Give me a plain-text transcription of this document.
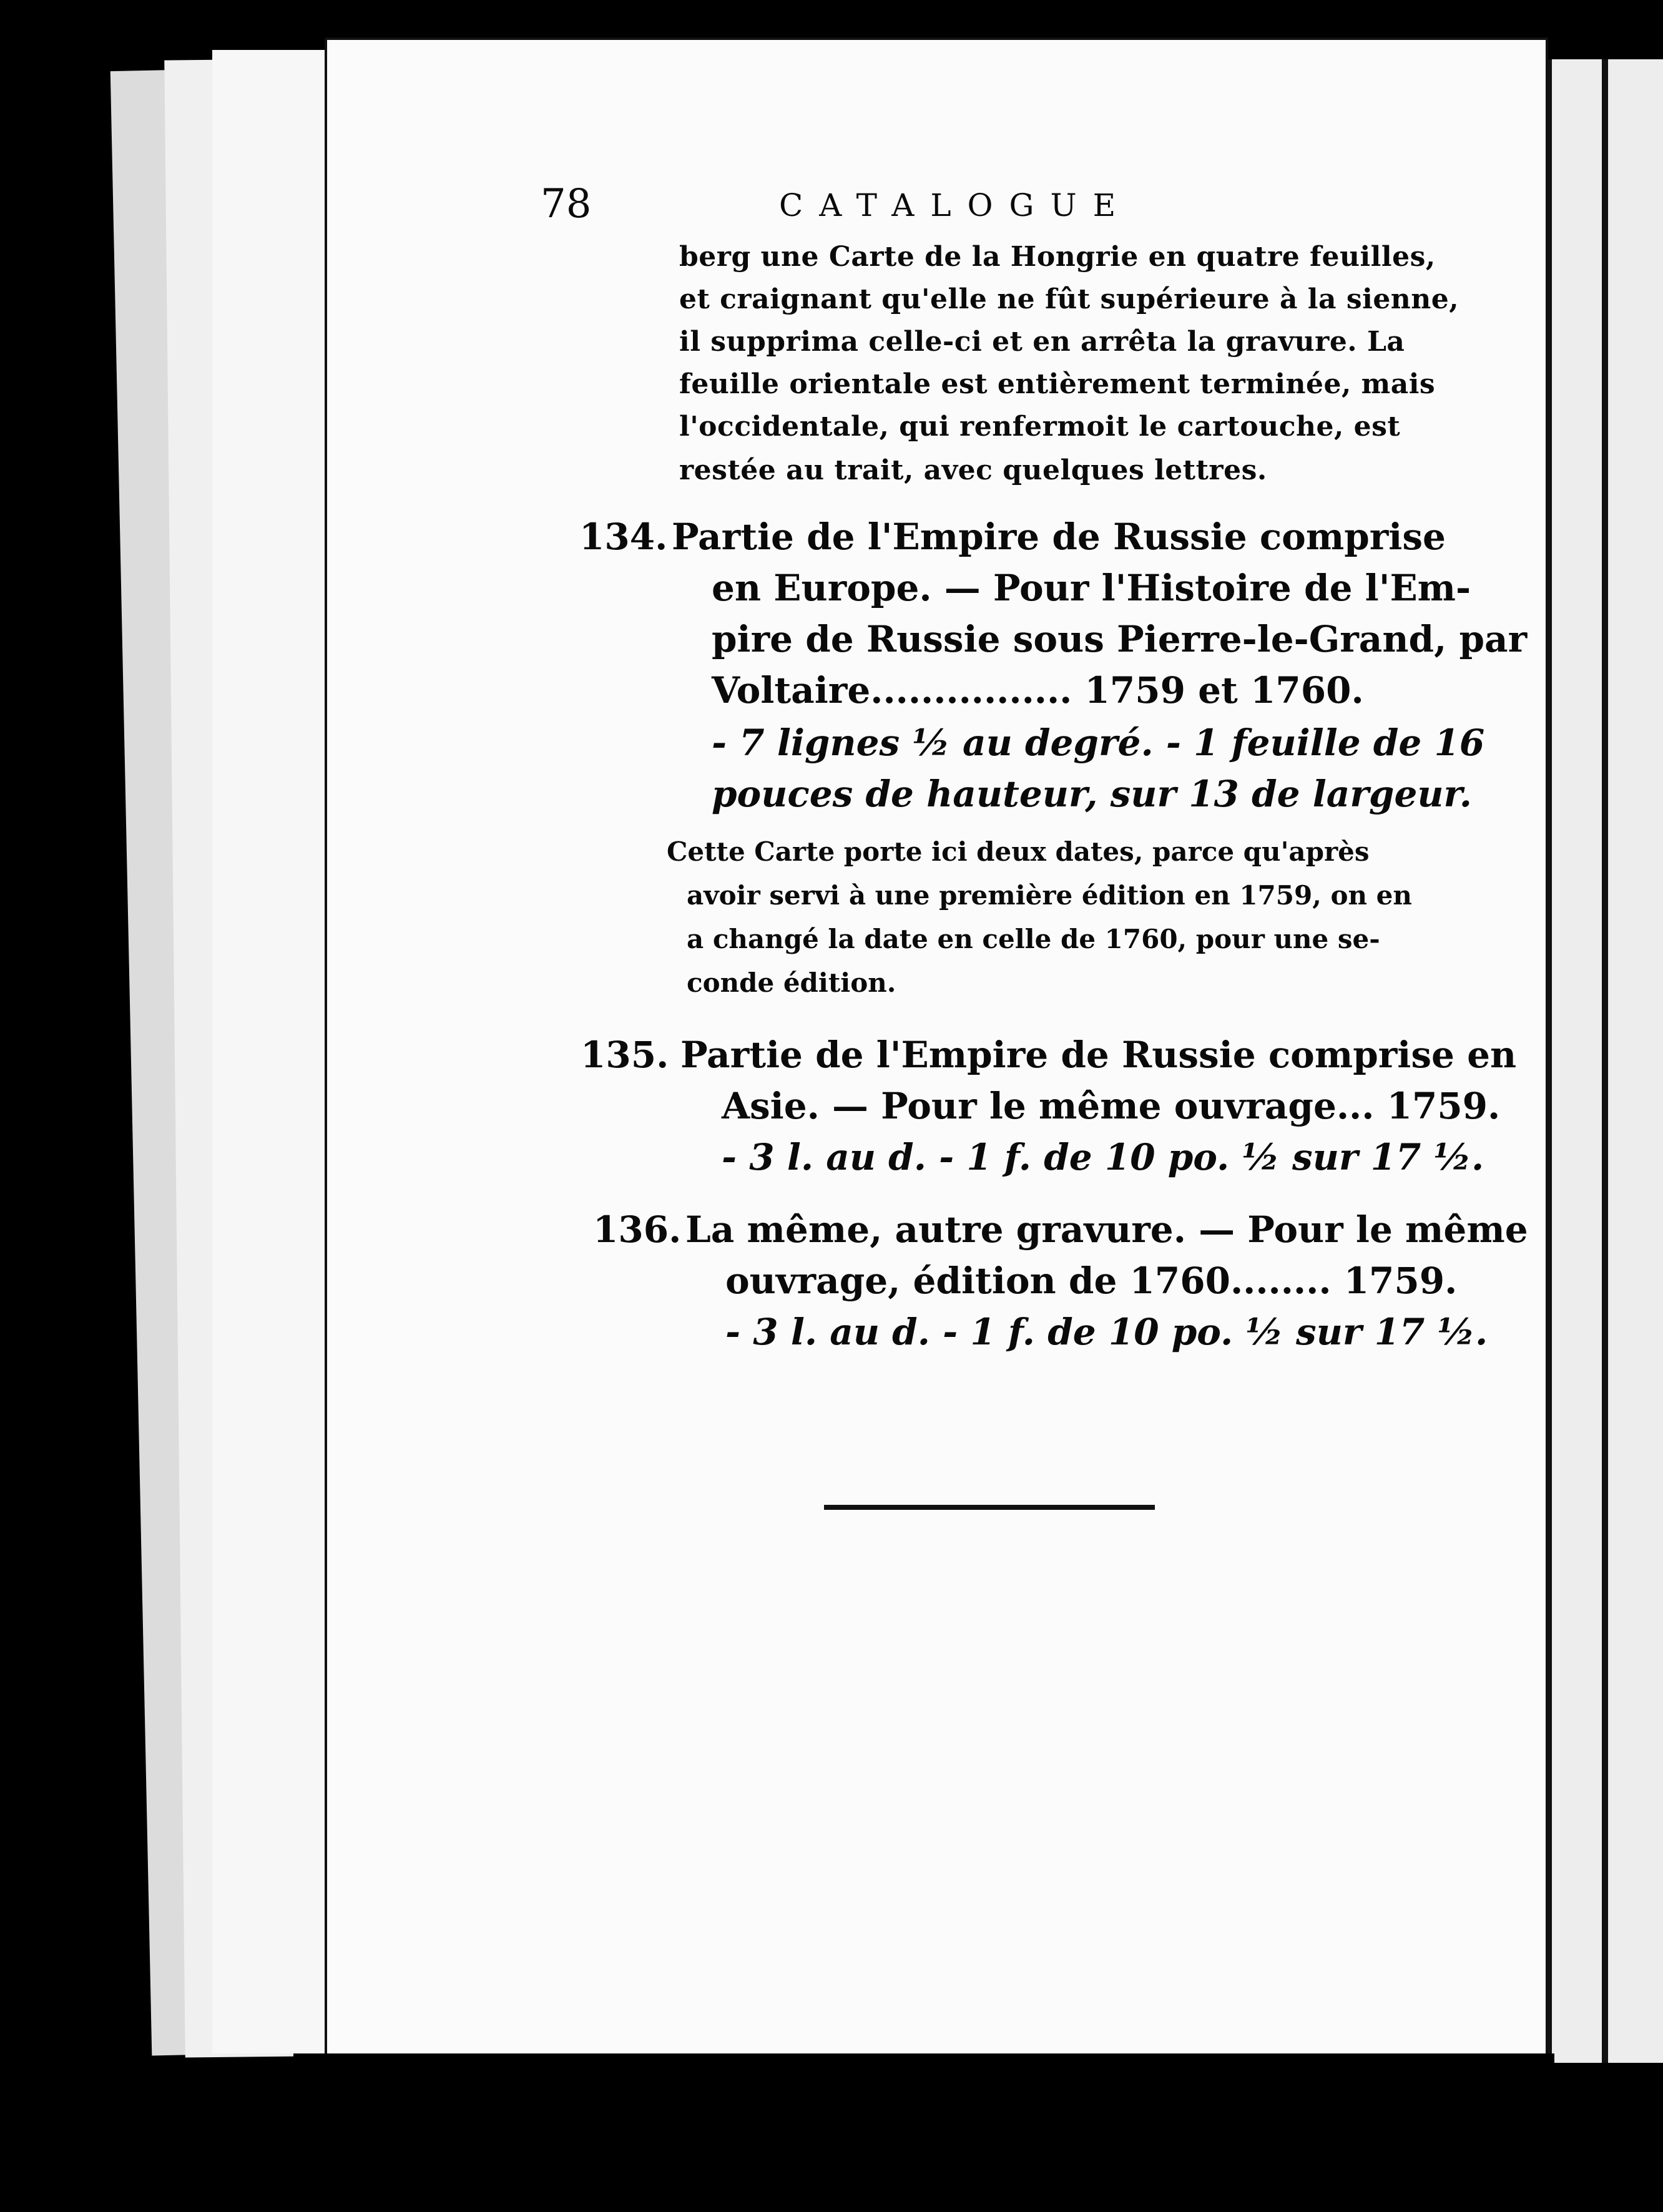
78	CATALOGUE
berg une Carte de la Hongrie en quatre feuilles,
et craignant qu'elle ne fût supérieure à la sienne,
il supprima celle-ci et en arrêta la gravure. La
feuille orientale est entièrement terminée, mais
l'occidentale, qui renfermoit le cartouche, est
restée au trait, avec quelques lettres.
134. Partie de l'Empire de Russie comprise
en Europe. — Pour l'Histoire de l'Em-
pire de Russie sous Pierre-le-Grand, par
Voltaire................ 1759 et 1760.
- 7 lignes ½ au degré. - 1 feuille de 16
pouces de hauteur, sur 13 de largeur.
Cette Carte porte ici deux dates, parce qu'après
avoir servi à une première édition en 1759, on en
a changé la date en celle de 1760, pour une se-
conde édition.
135. Partie de l'Empire de Russie comprise en
Asie. — Pour le même ouvrage... 1759.
- 3 l. au d. - 1 f. de 10 po. ½ sur 17 ½.
136. La même, autre gravure. — Pour le même
ouvrage, édition de 1760........ 1759.
- 3 l. au d. - 1 f. de 10 po. ½ sur 17 ½.
